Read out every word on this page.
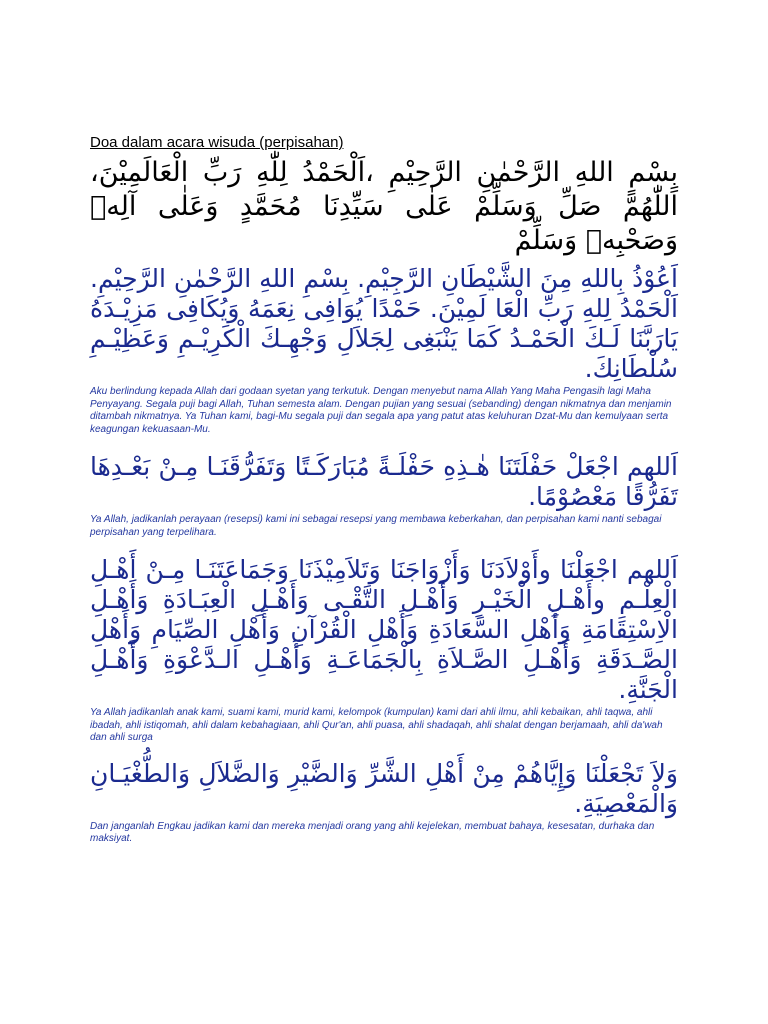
Doa dalam acara wisuda (perpisahan)

بِسْمِ اللهِ الرَّحْمٰنِ الرَّحِيْمِ ،اَلْحَمْدُ لِلّٰهِ رَبِّ الْعَالَمِيْنَ، اَللّٰهُمَّ صَلِّ وَسَلِّمْ عَلٰى سَيِّدِنَا مُحَمَّدٍ وَعَلٰى آلِهٖ وَصَحْبِهٖ وَسَلِّمْ

اَعُوْذُ بِاللهِ مِنَ الشَّيْطَانِ الرَّجِيْمِ. بِسْمِ اللهِ الرَّحْمٰنِ الرَّحِيْمِ. اَلْحَمْدُ لِلهِ رَبِّ الْعَا لَمِيْنَ. حَمْدًا يُوَافِى نِعَمَهُ وَيُكَافِى مَزِيْـدَهُ يَارَبَّنَا لَـكَ الْحَمْـدُ كَمَا يَنْبَغِى لِجَلاَلِ وَجْهِـكَ الْكَرِيْـمِ وَعَظِيْـمِ سُلْطَانِكَ.

Aku berlindung kepada Allah dari godaan syetan yang terkutuk. Dengan menyebut nama Allah Yang Maha Pengasih lagi Maha Penyayang. Segala puji bagi Allah, Tuhan semesta alam. Dengan pujian yang sesuai (sebanding) dengan nikmatnya dan menjamin ditambah nikmatnya. Ya Tuhan kami, bagi-Mu segala puji dan segala apa yang patut atas keluhuran Dzat-Mu dan kemulyaan serta keagungan kekuasaan-Mu.

اَللهم اجْعَلْ حَفْلَتَنَا هٰـذِهِ حَفْلَـةً مُبَارَكَـتًا وَتَفَرُّقَنَـا مِـنْ بَعْـدِهَا تَفَرُّقًا مَعْصُوْمًا.

Ya Allah, jadikanlah perayaan (resepsi) kami ini sebagai resepsi yang membawa keberkahan, dan perpisahan kami nanti sebagai perpisahan yang terpelihara.

اَللهم اجْعَلْنَا وأَوْلاَدَنَا وَأَزْوَاجَنَا وَتَلاَمِيْذَنَا وَجَمَاعَتَنَـا مِـنْ أَهْـلِ الْعِلْـمِ وأَهْـلِ الْخَيْـرِ وَأَهْـلِ التَّقْـى وَأَهْـلِ الْعِبَـادَةِ وَأَهْـلِ الْاِسْتِقَامَةِ وَأَهْلِ السَّعَادَةِ وَأَهْلِ الْقُرْآنِ وَأَهْلِ الصِّيَامِ وَأَهْلِ الصَّـدَقَةِ وَأَهْـلِ الصَّـلاَةِ بِالْجَمَاعَـةِ وَأَهْـلِ الـدَّعْوَةِ وَأَهْـلِ الْجَنَّةِ.

Ya Allah jadikanlah anak kami, suami kami, murid kami, kelompok (kumpulan) kami dari ahli ilmu, ahli kebaikan, ahli taqwa, ahli ibadah, ahli istiqomah, ahli dalam kebahagiaan, ahli Qur'an, ahli puasa, ahli shadaqah, ahli shalat dengan berjamaah, ahli da'wah dan ahli surga

وَلاَ تَجْعَلْنَا وَإِيَّاهُمْ مِنْ أَهْلِ الشَّرِّ وَالضَّيْرِ وَالضَّلاَلِ وَالطُّغْيَـانِ وَالْمَعْصِيَةِ.

Dan janganlah Engkau jadikan kami dan mereka menjadi orang yang ahli kejelekan, membuat bahaya, kesesatan, durhaka dan maksiyat.
